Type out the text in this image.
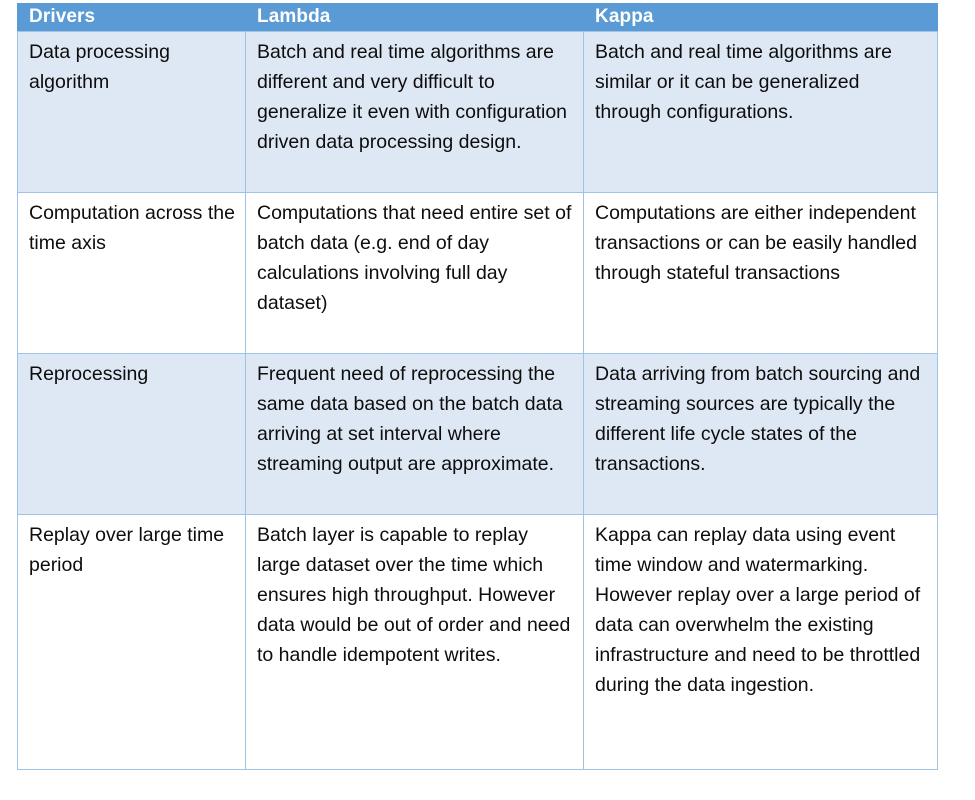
Drivers	Lambda	Kappa

Data processing algorithm	Batch and real time algorithms are different and very difficult to generalize it even with configuration driven data processing design.	Batch and real time algorithms are similar or it can be generalized through configurations.

Computation across the time axis	Computations that need entire set of batch data (e.g. end of day calculations involving full day dataset)	Computations are either independent transactions or can be easily handled through stateful transactions

Reprocessing	Frequent need of reprocessing the same data based on the batch data arriving at set interval where streaming output are approximate.	Data arriving from batch sourcing and streaming sources are typically the different life cycle states of the transactions.

Replay over large time period	Batch layer is capable to replay large dataset over the time which ensures high throughput. However data would be out of order and need to handle idempotent writes.	Kappa can replay data using event time window and watermarking. However replay over a large period of data can overwhelm the existing infrastructure and need to be throttled during the data ingestion.
